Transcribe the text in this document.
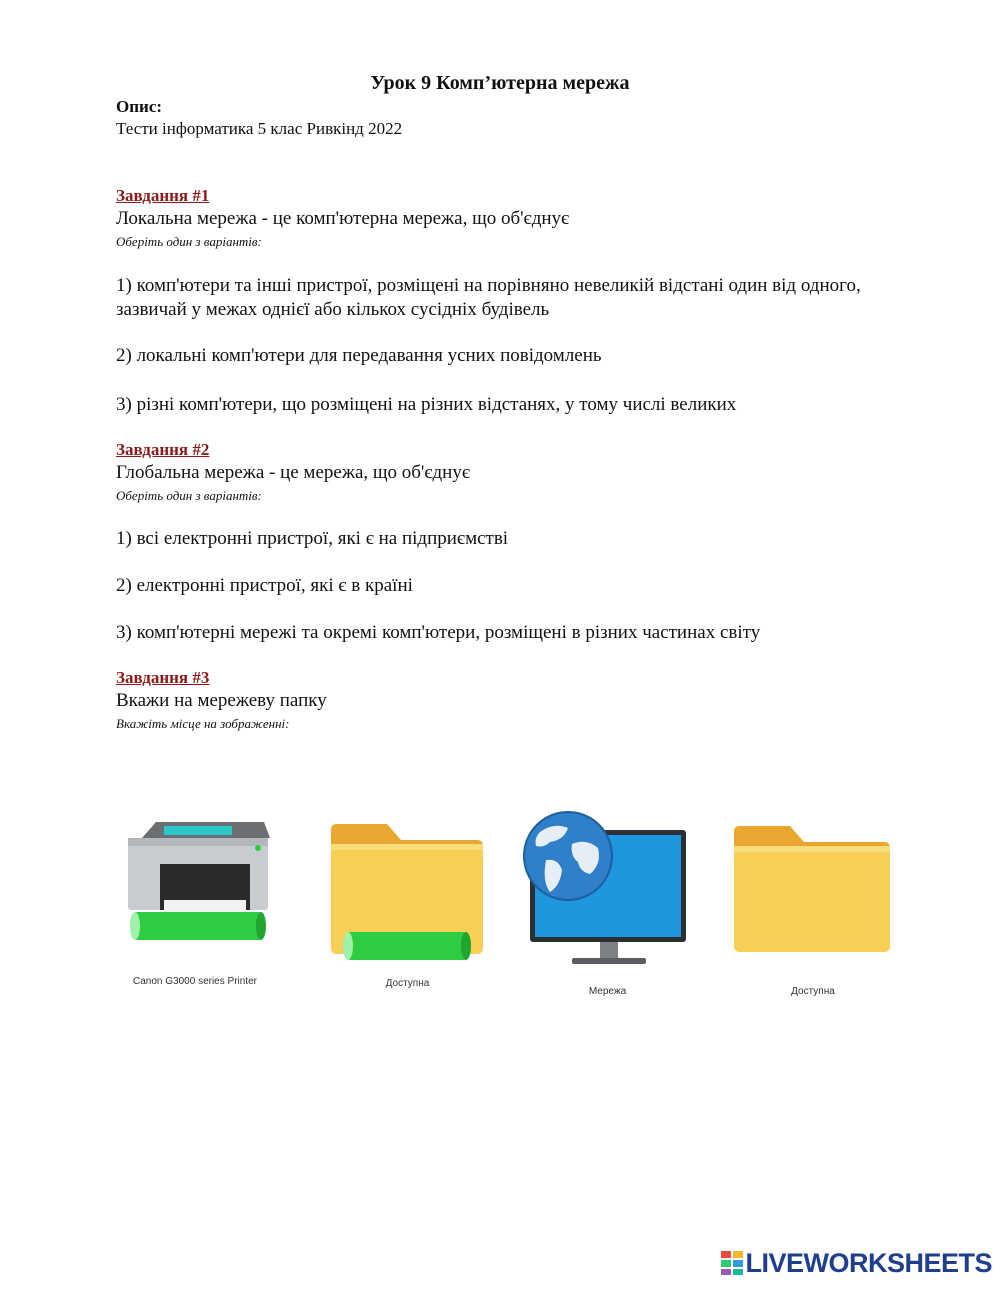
Урок 9 Комп’ютерна мережа
Опис:
Тести інформатика 5 клас Ривкінд 2022
Завдання #1
Локальна мережа - це комп'ютерна мережа, що об'єднує
Оберіть один з варіантів:
1) комп'ютери та інші пристрої, розміщені на порівняно невеликій відстані один від одного, зазвичай у межах однієї або кількох сусідніх будівель
2) локальні комп'ютери для передавання усних повідомлень
3) різні комп'ютери, що розміщені на різних відстанях, у тому числі великих
Завдання #2
Глобальна мережа - це мережа, що об'єднує
Оберіть один з варіантів:
1) всі електронні пристрої, які є на підприємстві
2) електронні пристрої, які є в країні
3) комп'ютерні мережі та окремі комп'ютери, розміщені в різних частинах світу
Завдання #3
Вкажи на мережеву папку
Вкажіть місце на зображенні:
Canon G3000 series Printer	Доступна
Мережа	Доступна
LIVEWORKSHEETS
